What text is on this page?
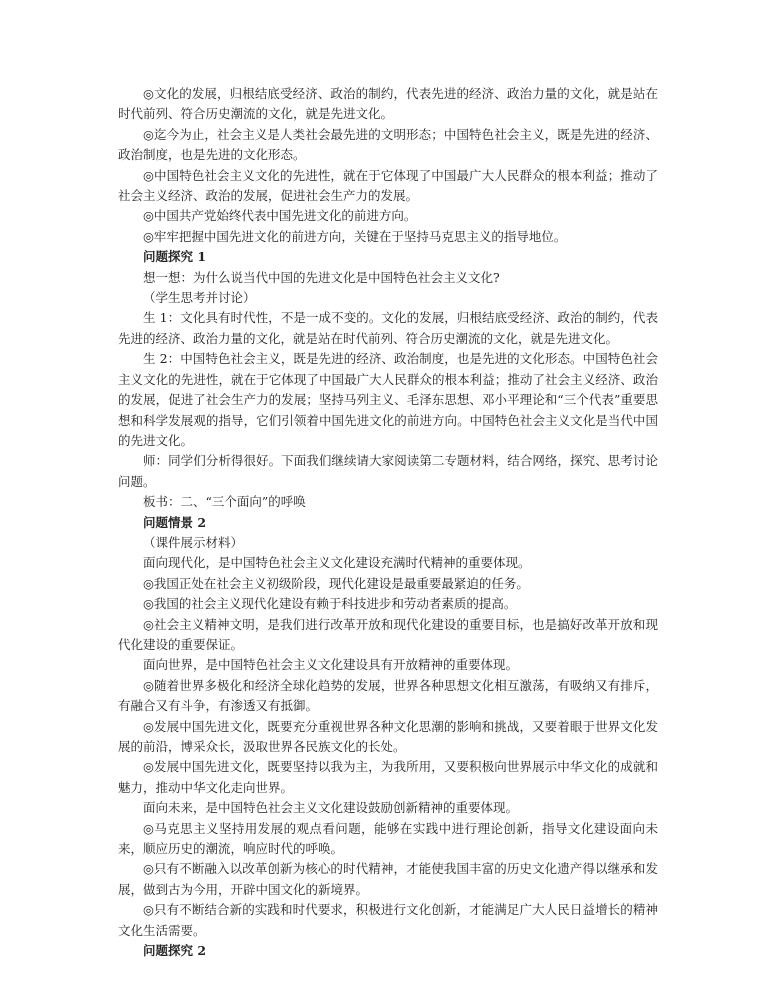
◎文化的发展，归根结底受经济、政治的制约，代表先进的经济、政治力量的文化，就是站在时代前列、符合历史潮流的文化，就是先进文化。

◎迄今为止，社会主义是人类社会最先进的文明形态；中国特色社会主义，既是先进的经济、政治制度，也是先进的文化形态。

◎中国特色社会主义文化的先进性，就在于它体现了中国最广大人民群众的根本利益；推动了社会主义经济、政治的发展，促进社会生产力的发展。

◎中国共产党始终代表中国先进文化的前进方向。

◎牢牢把握中国先进文化的前进方向，关键在于坚持马克思主义的指导地位。

问题探究 1

想一想：为什么说当代中国的先进文化是中国特色社会主义文化?

（学生思考并讨论）

生 1：文化具有时代性，不是一成不变的。文化的发展，归根结底受经济、政治的制约，代表先进的经济、政治力量的文化，就是站在时代前列、符合历史潮流的文化，就是先进文化。

生 2：中国特色社会主义，既是先进的经济、政治制度，也是先进的文化形态。中国特色社会主义文化的先进性，就在于它体现了中国最广大人民群众的根本利益；推动了社会主义经济、政治的发展，促进了社会生产力的发展；坚持马列主义、毛泽东思想、邓小平理论和“三个代表”重要思想和科学发展观的指导，它们引领着中国先进文化的前进方向。中国特色社会主义文化是当代中国的先进文化。

师：同学们分析得很好。下面我们继续请大家阅读第二专题材料，结合网络，探究、思考讨论问题。

板书：二、“三个面向”的呼唤

问题情景 2

（课件展示材料）

面向现代化，是中国特色社会主义文化建设充满时代精神的重要体现。

◎我国正处在社会主义初级阶段，现代化建设是最重要最紧迫的任务。

◎我国的社会主义现代化建设有赖于科技进步和劳动者素质的提高。

◎社会主义精神文明，是我们进行改革开放和现代化建设的重要目标，也是搞好改革开放和现代化建设的重要保证。

面向世界，是中国特色社会主义文化建设具有开放精神的重要体现。

◎随着世界多极化和经济全球化趋势的发展，世界各种思想文化相互激荡，有吸纳又有排斥，有融合又有斗争，有渗透又有抵御。

◎发展中国先进文化，既要充分重视世界各种文化思潮的影响和挑战，又要着眼于世界文化发展的前沿，博采众长，汲取世界各民族文化的长处。

◎发展中国先进文化，既要坚持以我为主，为我所用，又要积极向世界展示中华文化的成就和魅力，推动中华文化走向世界。

面向未来，是中国特色社会主义文化建设鼓励创新精神的重要体现。

◎马克思主义坚持用发展的观点看问题，能够在实践中进行理论创新，指导文化建设面向未来，顺应历史的潮流，响应时代的呼唤。

◎只有不断融入以改革创新为核心的时代精神，才能使我国丰富的历史文化遗产得以继承和发展，做到古为今用，开辟中国文化的新境界。

◎只有不断结合新的实践和时代要求，积极进行文化创新，才能满足广大人民日益增长的精神文化生活需要。

问题探究 2
